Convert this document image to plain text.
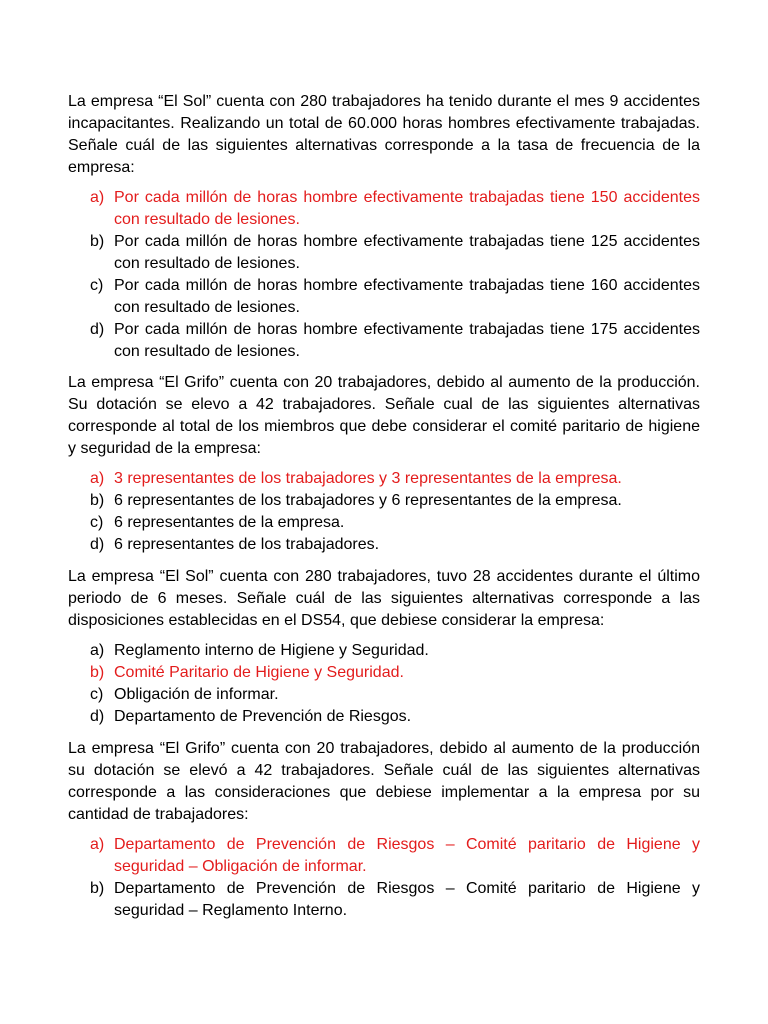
La empresa “El Sol” cuenta con 280 trabajadores ha tenido durante el mes 9 accidentes incapacitantes. Realizando un total de 60.000 horas hombres efectivamente trabajadas. Señale cuál de las siguientes alternativas corresponde a la tasa de frecuencia de la empresa:

a) Por cada millón de horas hombre efectivamente trabajadas tiene 150 accidentes con resultado de lesiones.
b) Por cada millón de horas hombre efectivamente trabajadas tiene 125 accidentes con resultado de lesiones.
c) Por cada millón de horas hombre efectivamente trabajadas tiene 160 accidentes con resultado de lesiones.
d) Por cada millón de horas hombre efectivamente trabajadas tiene 175 accidentes con resultado de lesiones.

La empresa “El Grifo” cuenta con 20 trabajadores, debido al aumento de la producción. Su dotación se elevo a 42 trabajadores. Señale cual de las siguientes alternativas corresponde al total de los miembros que debe considerar el comité paritario de higiene y seguridad de la empresa:

a) 3 representantes de los trabajadores y 3 representantes de la empresa.
b) 6 representantes de los trabajadores y 6 representantes de la empresa.
c) 6 representantes de la empresa.
d) 6 representantes de los trabajadores.

La empresa “El Sol” cuenta con 280 trabajadores, tuvo 28 accidentes durante el último periodo de 6 meses. Señale cuál de las siguientes alternativas corresponde a las disposiciones establecidas en el DS54, que debiese considerar la empresa:

a) Reglamento interno de Higiene y Seguridad.
b) Comité Paritario de Higiene y Seguridad.
c) Obligación de informar.
d) Departamento de Prevención de Riesgos.

La empresa “El Grifo” cuenta con 20 trabajadores, debido al aumento de la producción su dotación se elevó a 42 trabajadores. Señale cuál de las siguientes alternativas corresponde a las consideraciones que debiese implementar a la empresa por su cantidad de trabajadores:

a) Departamento de Prevención de Riesgos – Comité paritario de Higiene y seguridad – Obligación de informar.
b) Departamento de Prevención de Riesgos – Comité paritario de Higiene y seguridad – Reglamento Interno.
